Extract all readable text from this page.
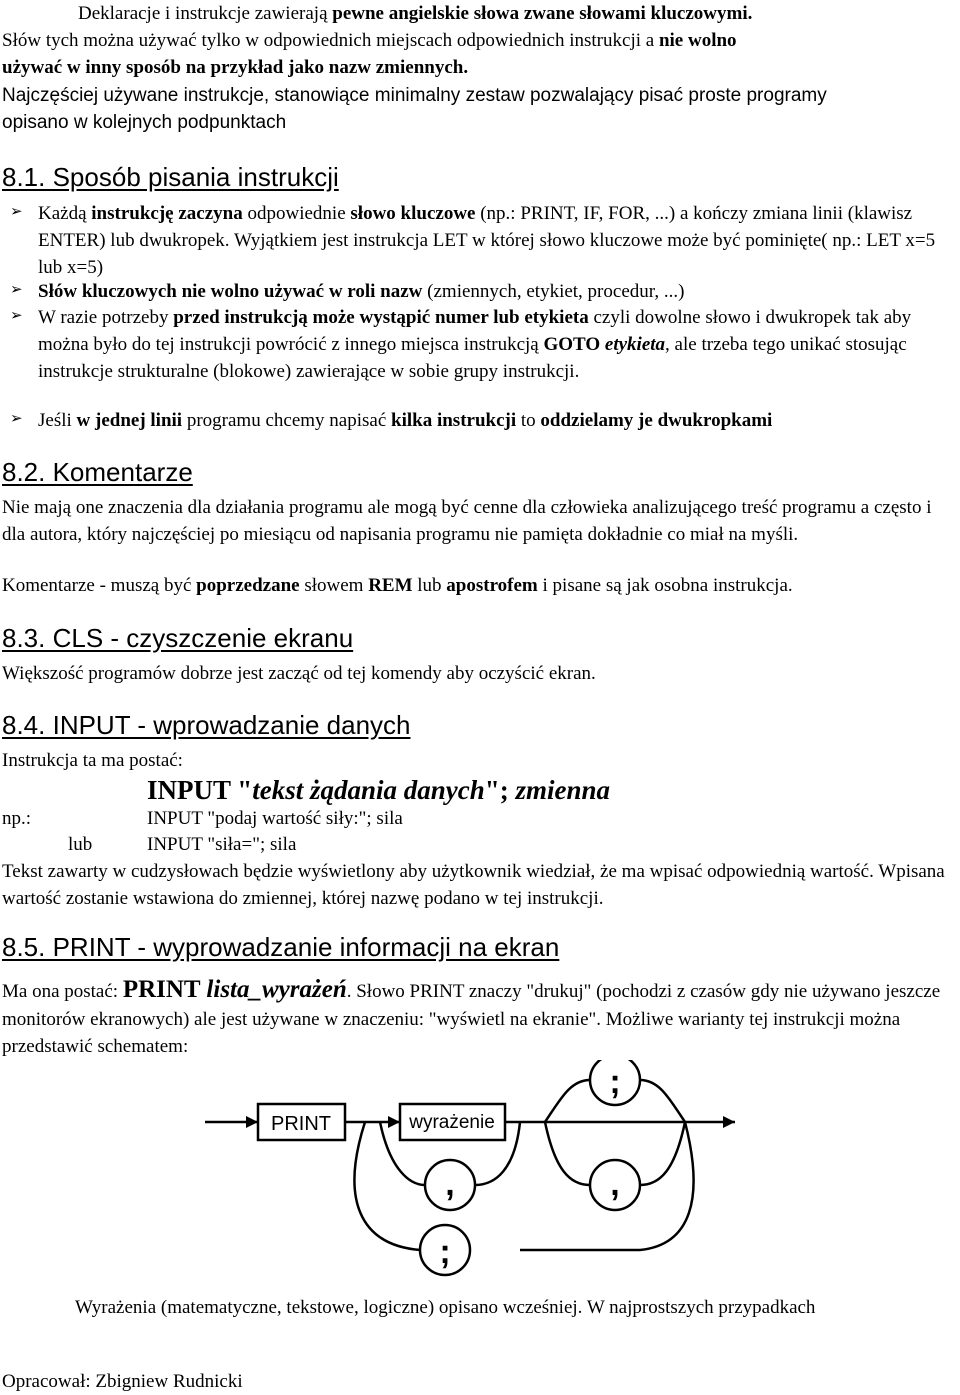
Deklaracje i instrukcje zawierają pewne angielskie słowa zwane słowami kluczowymi.

Słów tych można używać tylko w odpowiednich miejscach odpowiednich instrukcji a nie wolno

używać w inny sposób na przykład jako nazw zmiennych.

Najczęściej używane instrukcje, stanowiące minimalny zestaw pozwalający pisać proste programy opisano w kolejnych podpunktach

8.1. Sposób pisania instrukcji
➢ Każdą instrukcję zaczyna odpowiednie słowo kluczowe (np.: PRINT, IF, FOR, ...) a kończy zmiana linii (klawisz ENTER) lub dwukropek. Wyjątkiem jest instrukcja LET w której słowo kluczowe może być pominięte( np.: LET x=5 lub x=5)

➢ Słów kluczowych nie wolno używać w roli nazw (zmiennych, etykiet, procedur, ...)

➢ W razie potrzeby przed instrukcją może wystąpić numer lub etykieta czyli dowolne słowo i dwukropek tak aby można było do tej instrukcji powrócić z innego miejsca instrukcją GOTO etykieta, ale trzeba tego unikać stosując instrukcje strukturalne (blokowe) zawierające w sobie grupy instrukcji.

➢ Jeśli w jednej linii programu chcemy napisać kilka instrukcji to oddzielamy je dwukropkami

8.2. Komentarze

Nie mają one znaczenia dla działania programu ale mogą być cenne dla człowieka analizującego treść programu a często i dla autora, który najczęściej po miesiącu od napisania programu nie pamięta dokładnie co miał na myśli.

Komentarze - muszą być poprzedzane słowem REM lub apostrofem i pisane są jak osobna instrukcja.

8.3. CLS - czyszczenie ekranu

Większość programów dobrze jest zacząć od tej komendy aby oczyścić ekran.

8.4. INPUT - wprowadzanie danych

Instrukcja ta ma postać:

INPUT "tekst żądania danych"; zmienna

np.:	INPUT "podaj wartość siły:"; sila

lub	INPUT "siła="; sila

Tekst zawarty w cudzysłowach będzie wyświetlony aby użytkownik wiedział, że ma wpisać odpowiednią wartość. Wpisana wartość zostanie wstawiona do zmiennej, której nazwę podano w tej instrukcji.

8.5. PRINT - wyprowadzanie informacji na ekran

Ma ona postać: PRINT lista_wyrażeń. Słowo PRINT znaczy "drukuj" (pochodzi z czasów gdy nie używano jeszcze monitorów ekranowych) ale jest używane w znaczeniu: "wyświetl na ekranie". Możliwe warianty tej instrukcji można przedstawić schematem:

PRINT	wyrażenie
;
,
,
;

Wyrażenia (matematyczne, tekstowe, logiczne) opisano wcześniej. W najprostszych przypadkach

Opracował: Zbigniew Rudnicki
